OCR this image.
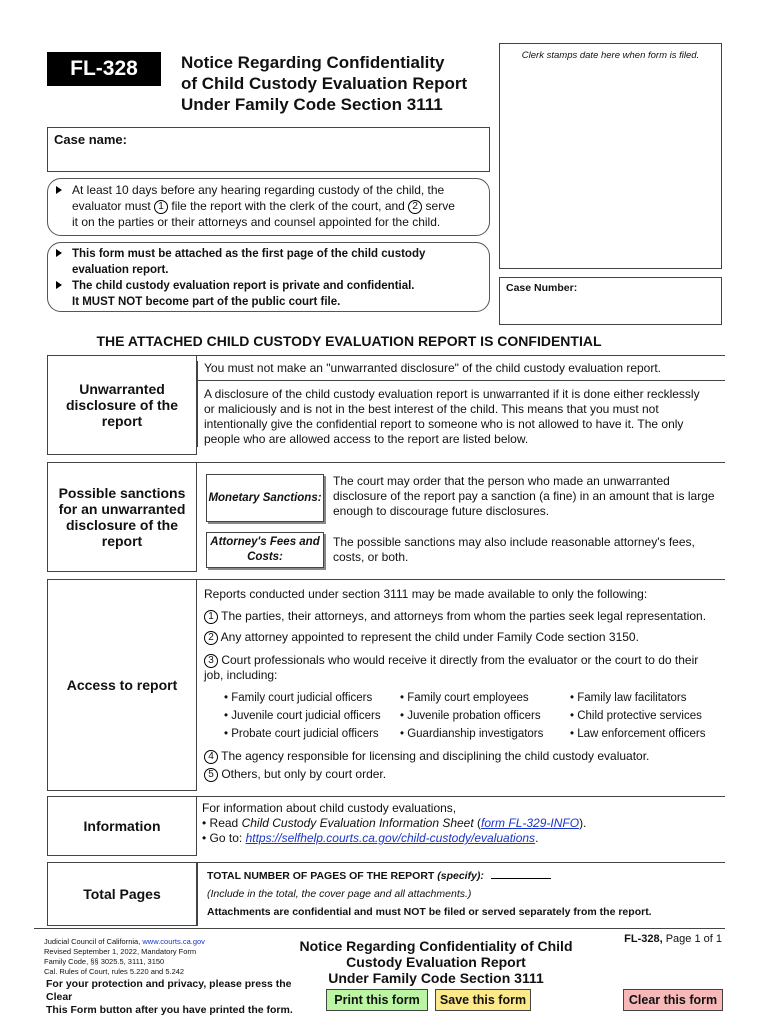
FL-328	Notice Regarding Confidentiality
of Child Custody Evaluation Report
Under Family Code Section 3111
Clerk stamps date here when form is filed.
Case name:
Case Number:
At least 10 days before any hearing regarding custody of the child, the
evaluator must 1 file the report with the clerk of the court, and 2 serve
it on the parties or their attorneys and counsel appointed for the child.
This form must be attached as the first page of the child custody
evaluation report.
The child custody evaluation report is private and confidential.
It MUST NOT become part of the public court file.
THE ATTACHED CHILD CUSTODY EVALUATION REPORT IS CONFIDENTIAL
Unwarranted disclosure of the report
You must not make an "unwarranted disclosure" of the child custody evaluation report.
A disclosure of the child custody evaluation report is unwarranted if it is done either recklessly or maliciously and is not in the best interest of the child. This means that you must not intentionally give the confidential report to someone who is not allowed to have it. The only people who are allowed access to the report are listed below.
Possible sanctions for an unwarranted disclosure of the report
Monetary Sanctions:
The court may order that the person who made an unwarranted disclosure of the report pay a sanction (a fine) in an amount that is large enough to discourage future disclosures.
Attorney's Fees and Costs:
The possible sanctions may also include reasonable attorney's fees, costs, or both.
Access to report
Reports conducted under section 3111 may be made available to only the following:
1 The parties, their attorneys, and attorneys from whom the parties seek legal representation.
2 Any attorney appointed to represent the child under Family Code section 3150.
3 Court professionals who would receive it directly from the evaluator or the court to do their job, including:
• Family court judicial officers	• Family court employees	• Family law facilitators
• Juvenile court judicial officers	• Juvenile probation officers	• Child protective services
• Probate court judicial officers	• Guardianship investigators	• Law enforcement officers
4 The agency responsible for licensing and disciplining the child custody evaluator.
5 Others, but only by court order.
Information
For information about child custody evaluations,
• Read Child Custody Evaluation Information Sheet (form FL-329-INFO).
• Go to: https://selfhelp.courts.ca.gov/child-custody/evaluations.
Total Pages
TOTAL NUMBER OF PAGES OF THE REPORT (specify):
(Include in the total, the cover page and all attachments.)
Attachments are confidential and must NOT be filed or served separately from the report.
Judicial Council of California, www.courts.ca.gov
Revised September 1, 2022, Mandatory Form
Family Code, §§ 3025.5, 3111, 3150
Cal. Rules of Court, rules 5.220 and 5.242
Notice Regarding Confidentiality of Child
Custody Evaluation Report
Under Family Code Section 3111
FL-328, Page 1 of 1
For your protection and privacy, please press the Clear
This Form button after you have printed the form.
Print this form	Save this form	Clear this form
